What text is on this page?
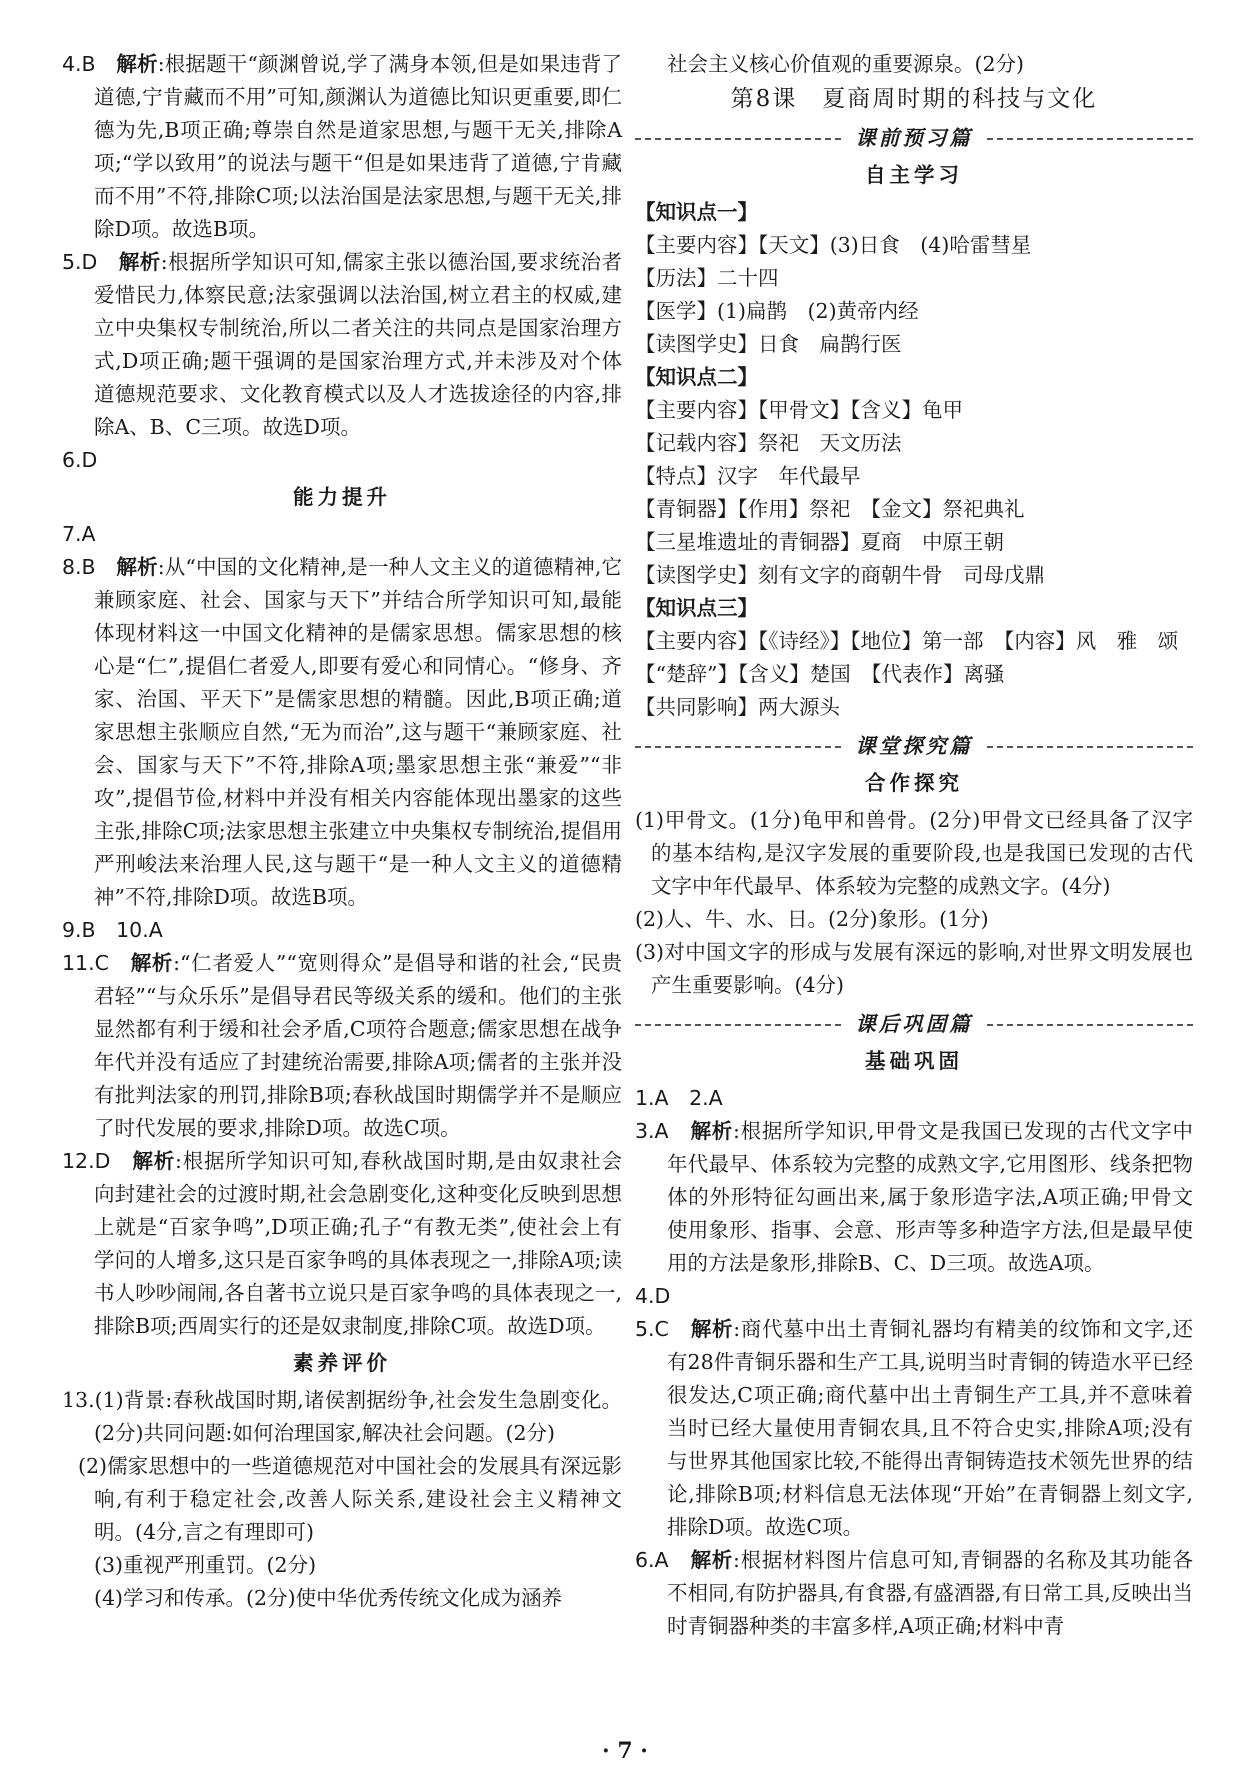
4.B　 解析:根据题干“颜渊曾说,学了满身本领,但是如果违背了道德,宁肯藏而不用”可知,颜渊认为道德比知识更重要,即仁德为先,B项正确;尊崇自然是道家思想,与题干无关,排除A项;“学以致用”的说法与题干“但是如果违背了道德,宁肯藏而不用”不符,排除C项;以法治国是法家思想,与题干无关,排除D项。故选B项。

5.D　 解析:根据所学知识可知,儒家主张以德治国,要求统治者爱惜民力,体察民意;法家强调以法治国,树立君主的权威,建立中央集权专制统治,所以二者关注的共同点是国家治理方式,D项正确;题干强调的是国家治理方式,并未涉及对个体道德规范要求、文化教育模式以及人才选拔途径的内容,排除A、B、C三项。故选D项。

6.D

能力提升

7.A

8.B　 解析:从“中国的文化精神,是一种人文主义的道德精神,它兼顾家庭、社会、国家与天下”并结合所学知识可知,最能体现材料这一中国文化精神的是儒家思想。儒家思想的核心是“仁”,提倡仁者爱人,即要有爱心和同情心。“修身、齐家、治国、平天下”是儒家思想的精髓。因此,B项正确;道家思想主张顺应自然,“无为而治”,这与题干“兼顾家庭、社会、国家与天下”不符,排除A项;墨家思想主张“兼爱”“非攻”,提倡节俭,材料中并没有相关内容能体现出墨家的这些主张,排除C项;法家思想主张建立中央集权专制统治,提倡用严刑峻法来治理人民,这与题干“是一种人文主义的道德精神”不符,排除D项。故选B项。

9.B　10.A

11.C　 解析:“仁者爱人”“宽则得众”是倡导和谐的社会,“民贵君轻”“与众乐乐”是倡导君民等级关系的缓和。他们的主张显然都有利于缓和社会矛盾,C项符合题意;儒家思想在战争年代并没有适应了封建统治需要,排除A项;儒者的主张并没有批判法家的刑罚,排除B项;春秋战国时期儒学并不是顺应了时代发展的要求,排除D项。故选C项。

12.D　 解析:根据所学知识可知,春秋战国时期,是由奴隶社会向封建社会的过渡时期,社会急剧变化,这种变化反映到思想上就是“百家争鸣”,D项正确;孔子“有教无类”,使社会上有学问的人增多,这只是百家争鸣的具体表现之一,排除A项;读书人吵吵闹闹,各自著书立说只是百家争鸣的具体表现之一,排除B项;西周实行的还是奴隶制度,排除C项。故选D项。

素养评价

13.(1)背景:春秋战国时期,诸侯割据纷争,社会发生急剧变化。(2分)共同问题:如何治理国家,解决社会问题。(2分)

(2)儒家思想中的一些道德规范对中国社会的发展具有深远影响,有利于稳定社会,改善人际关系,建设社会主义精神文明。(4分,言之有理即可)

(3)重视严刑重罚。(2分)

(4)学习和传承。(2分)使中华优秀传统文化成为涵养

社会主义核心价值观的重要源泉。(2分)

第8课　夏商周时期的科技与文化

课前预习篇

自主学习

【知识点一】

【主要内容】【天文】(3)日食　(4)哈雷彗星

【历法】二十四

【医学】(1)扁鹊　(2)黄帝内经

【读图学史】日食　扁鹊行医

【知识点二】

【主要内容】【甲骨文】【含义】龟甲

【记载内容】祭祀　天文历法

【特点】汉字　年代最早

【青铜器】【作用】祭祀　【金文】祭祀典礼

【三星堆遗址的青铜器】夏商　中原王朝

【读图学史】刻有文字的商朝牛骨　司母戊鼎

【知识点三】

【主要内容】【《诗经》】【地位】第一部　【内容】风　雅　颂

【“楚辞”】【含义】楚国　【代表作】离骚

【共同影响】两大源头

课堂探究篇

合作探究

(1)甲骨文。(1分)龟甲和兽骨。(2分)甲骨文已经具备了汉字的基本结构,是汉字发展的重要阶段,也是我国已发现的古代文字中年代最早、体系较为完整的成熟文字。(4分)

(2)人、牛、水、日。(2分)象形。(1分)

(3)对中国文字的形成与发展有深远的影响,对世界文明发展也产生重要影响。(4分)

课后巩固篇

基础巩固

1.A　2.A

3.A　 解析:根据所学知识,甲骨文是我国已发现的古代文字中年代最早、体系较为完整的成熟文字,它用图形、线条把物体的外形特征勾画出来,属于象形造字法,A项正确;甲骨文使用象形、指事、会意、形声等多种造字方法,但是最早使用的方法是象形,排除B、C、D三项。故选A项。

4.D

5.C　 解析:商代墓中出土青铜礼器均有精美的纹饰和文字,还有28件青铜乐器和生产工具,说明当时青铜的铸造水平已经很发达,C项正确;商代墓中出土青铜生产工具,并不意味着当时已经大量使用青铜农具,且不符合史实,排除A项;没有与世界其他国家比较,不能得出青铜铸造技术领先世界的结论,排除B项;材料信息无法体现“开始”在青铜器上刻文字,排除D项。故选C项。

6.A　 解析:根据材料图片信息可知,青铜器的名称及其功能各不相同,有防护器具,有食器,有盛酒器,有日常工具,反映出当时青铜器种类的丰富多样,A项正确;材料中青

· 7 ·
